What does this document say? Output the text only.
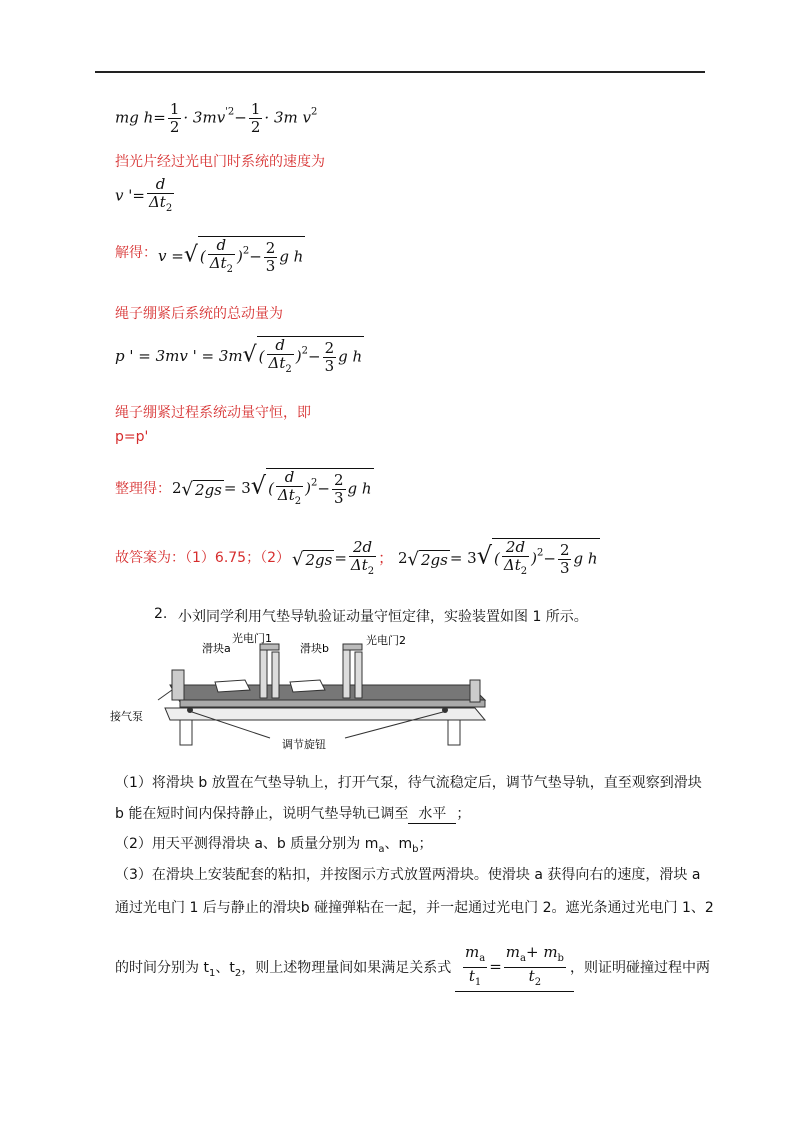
mg $h= \frac{1}{2} \cdot 3mv^{'2}- \frac{1}{2} \cdot 3m$ $v^2$
挡光片经过光电门时系统的速度为
v '= $\frac{d}{\Delta t_2}$
解得： v =√ ( $\frac{d}{\Delta t_2} )^2- \frac{2}{3}$ g h
绳子绷紧后系统的总动量为
p ' = 3mv ' = 3m√ ( $\frac{d}{\Delta t_2} )^2- \frac{2}{3}$ g h
绳子绷紧过程系统动量守恒，即
p=p'
整理得： 2√ 2gs = 3√ ( $\frac{d}{\Delta t_2} )^2- \frac{2}{3}$ g h
故答案为：（1）6.75；（2） √ $2gs = \frac{2d}{\Delta t_2}$ ； 2√ 2gs = 3√ ( $\frac{2d}{\Delta t_2} )^2- \frac{2}{3}$ g h
2. 小刘同学利用气垫导轨验证动量守恒定律，实验装置如图 1 所示。
滑块a
光电门1
滑块b
光电门2
接气泵
调节旋钮
（1）将滑块 b 放置在气垫导轨上，打开气泵，待气流稳定后，调节气垫导轨，直至观察到滑块
b 能在短时间内保持静止，说明气垫导轨已调至 水平 ；
（2）用天平测得滑块 a、b 质量分别为 $m_a$、$m_b$；
（3）在滑块上安装配套的粘扣，并按图示方式放置两滑块。使滑块 a 获得向右的速度，滑块 a
通过光电门 1 后与静止的滑块b 碰撞弹粘在一起，并一起通过光电门 2。遮光条通过光电门 1、2
的时间分别为 $t_1$、$t_2$，则上述物理量间如果满足关系式 $\frac{m_a}{t_1} = \frac{m_a+ m_b}{t_2}$ ，则证明碰撞过程中两
